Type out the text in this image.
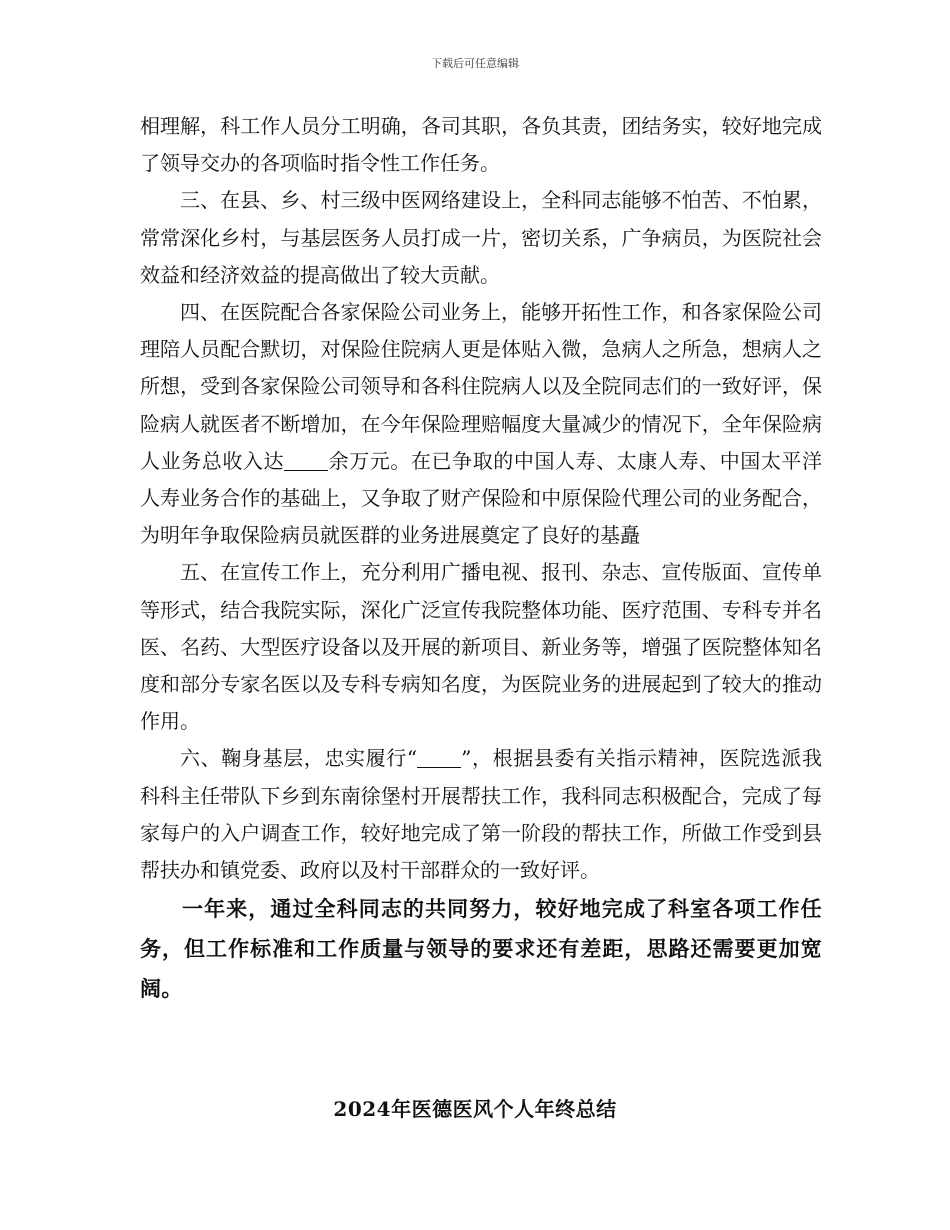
下载后可任意编辑

相理解，科工作人员分工明确，各司其职，各负其责，团结务实，较好地完成了领导交办的各项临时指令性工作任务。

三、在县、乡、村三级中医网络建设上，全科同志能够不怕苦、不怕累，常常深化乡村，与基层医务人员打成一片，密切关系，广争病员，为医院社会效益和经济效益的提高做出了较大贡献。

四、在医院配合各家保险公司业务上，能够开拓性工作，和各家保险公司理陪人员配合默切，对保险住院病人更是体贴入微，急病人之所急，想病人之所想，受到各家保险公司领导和各科住院病人以及全院同志们的一致好评，保险病人就医者不断增加，在今年保险理赔幅度大量减少的情况下，全年保险病人业务总收入达 余万元。在已争取的中国人寿、太康人寿、中国太平洋人寿业务合作的基础上，又争取了财产保险和中原保险代理公司的业务配合，为明年争取保险病员就医群的业务进展奠定了良好的基矗

五、在宣传工作上，充分利用广播电视、报刊、杂志、宣传版面、宣传单等形式，结合我院实际，深化广泛宣传我院整体功能、医疗范围、专科专并名医、名药、大型医疗设备以及开展的新项目、新业务等，增强了医院整体知名度和部分专家名医以及专科专病知名度，为医院业务的进展起到了较大的推动作用。

六、鞠身基层，忠实履行“ ”，根据县委有关指示精神，医院选派我科科主任带队下乡到东南徐堡村开展帮扶工作，我科同志积极配合，完成了每家每户的入户调查工作，较好地完成了第一阶段的帮扶工作，所做工作受到县帮扶办和镇党委、政府以及村干部群众的一致好评。

一年来，通过全科同志的共同努力，较好地完成了科室各项工作任务，但工作标准和工作质量与领导的要求还有差距，思路还需要更加宽阔。

2024年医德医风个人年终总结
